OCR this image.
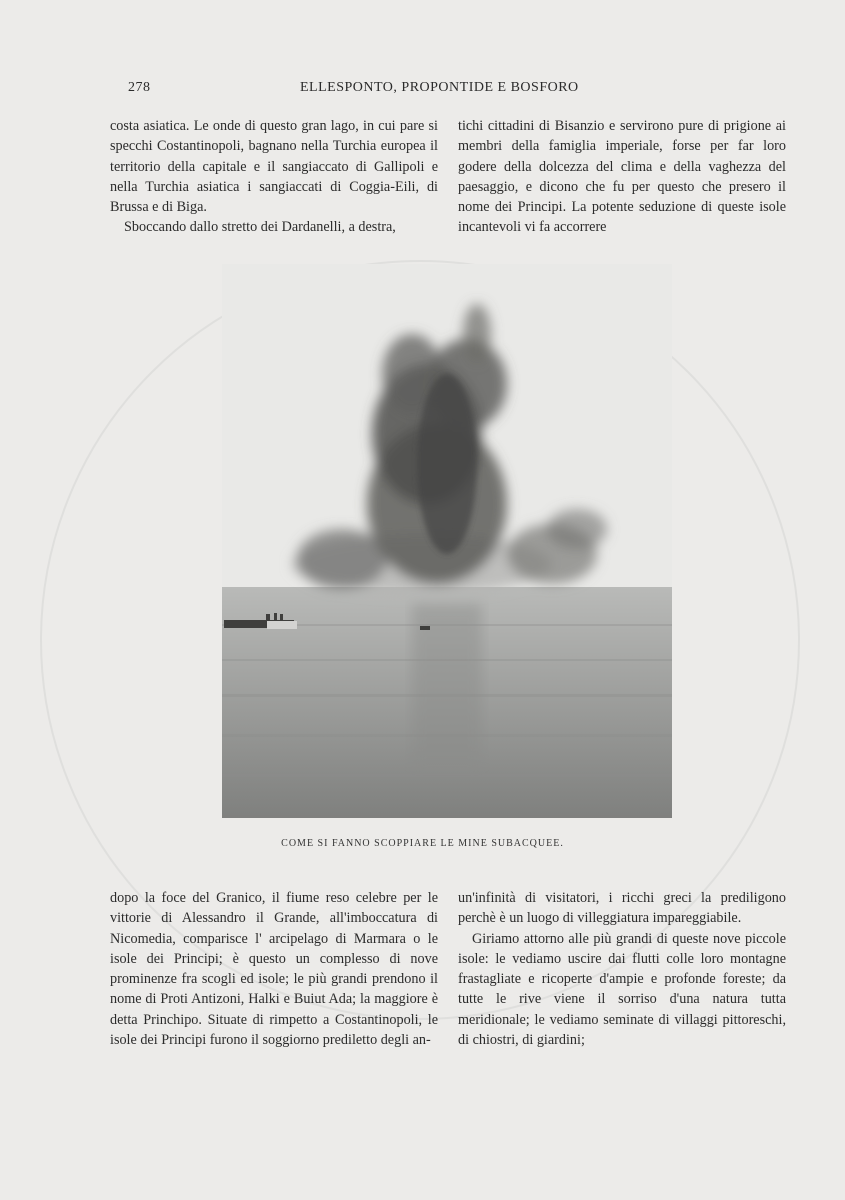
278	ELLESPONTO, PROPONTIDE E BOSFORO

costa asiatica. Le onde di questo gran lago, in cui pare si specchi Costantinopoli, bagnano nella Turchia europea il territorio della capitale e il sangiaccato di Gallipoli e nella Turchia asiatica i sangiaccati di Coggia-Eili, di Brussa e di Biga.

Sboccando dallo stretto dei Dardanelli, a destra,

tichi cittadini di Bisanzio e servirono pure di prigione ai membri della famiglia imperiale, forse per far loro godere della dolcezza del clima e della vaghezza del paesaggio, e dicono che fu per questo che presero il nome dei Principi. La potente seduzione di queste isole incantevoli vi fa accorrere

COME SI FANNO SCOPPIARE LE MINE SUBACQUEE.

dopo la foce del Granico, il fiume reso celebre per le vittorie di Alessandro il Grande, all'imboccatura di Nicomedia, comparisce l' arcipelago di Marmara o le isole dei Principi; è questo un complesso di nove prominenze fra scogli ed isole; le più grandi prendono il nome di Proti Antizoni, Halki e Buiut Ada; la maggiore è detta Princhipo. Situate di rimpetto a Costantinopoli, le isole dei Principi furono il soggiorno prediletto degli an-

un'infinità di visitatori, i ricchi greci la prediligono perchè è un luogo di villeggiatura impareggiabile.

Giriamo attorno alle più grandi di queste nove piccole isole: le vediamo uscire dai flutti colle loro montagne frastagliate e ricoperte d'ampie e profonde foreste; da tutte le rive viene il sorriso d'una natura tutta meridionale; le vediamo seminate di villaggi pittoreschi, di chiostri, di giardini;
